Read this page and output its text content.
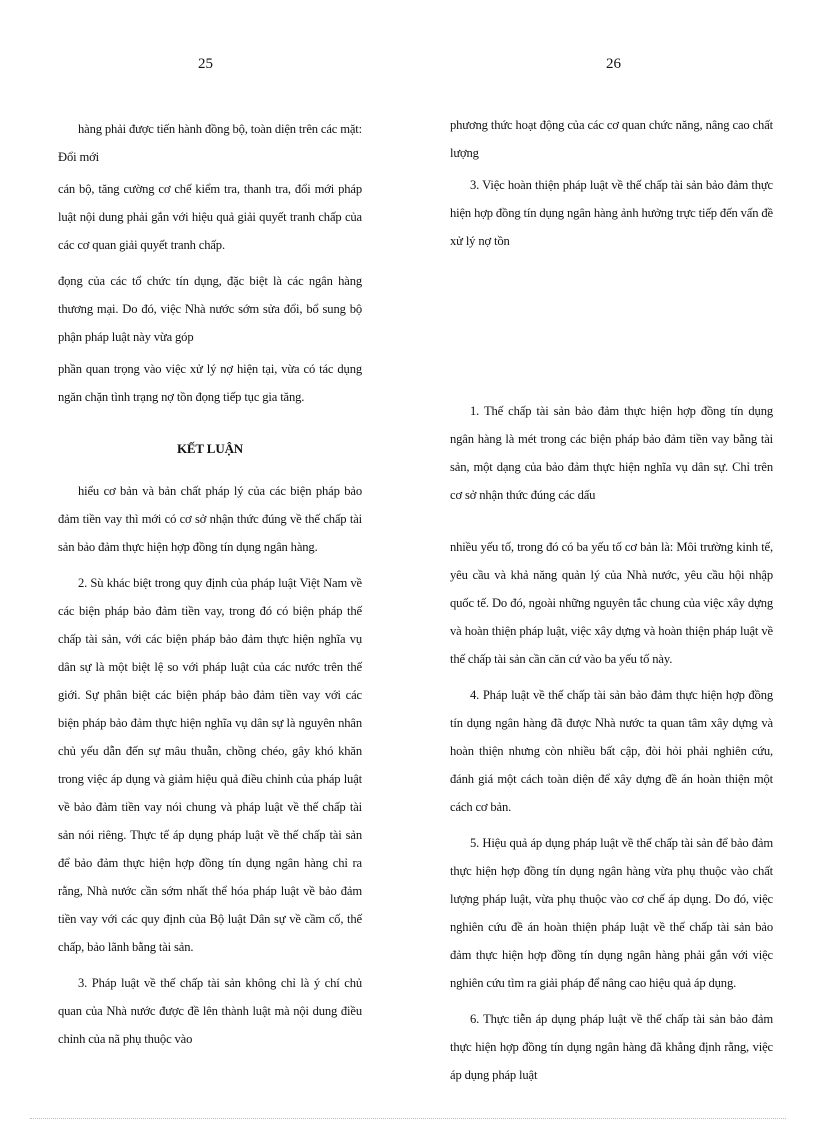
25	26

hàng phải được tiến hành đồng bộ, toàn diện trên các mặt: Đổi mới

cán bộ, tăng cường cơ chế kiểm tra, thanh tra, đổi mới pháp luật nội dung phải gắn với hiệu quả giải quyết tranh chấp của các cơ quan giải quyết tranh chấp.

đọng của các tổ chức tín dụng, đặc biệt là các ngân hàng thương mại. Do đó, việc Nhà nước sớm sửa đổi, bổ sung bộ phận pháp luật này vừa góp

phần quan trọng vào việc xử lý nợ hiện tại, vừa có tác dụng ngăn chặn tình trạng nợ tồn đọng tiếp tục gia tăng.

KẾT LUẬN

hiểu cơ bản và bản chất pháp lý của các biện pháp bảo đảm tiền vay thì mới có cơ sở nhận thức đúng về thế chấp tài sản bảo đảm thực hiện hợp đồng tín dụng ngân hàng.

2. Sù khác biệt trong quy định của pháp luật Việt Nam về các biện pháp bảo đảm tiền vay, trong đó có biện pháp thế chấp tài sản, với các biện pháp bảo đảm thực hiện nghĩa vụ dân sự là một biệt lệ so với pháp luật của các nước trên thế giới. Sự phân biệt các biện pháp bảo đảm tiền vay với các biện pháp bảo đảm thực hiện nghĩa vụ dân sự là nguyên nhân chủ yếu dẫn đến sự mâu thuẫn, chồng chéo, gây khó khăn trong việc áp dụng và giảm hiệu quả điều chỉnh của pháp luật về bảo đảm tiền vay nói chung và pháp luật về thế chấp tài sản nói riêng. Thực tế áp dụng pháp luật về thế chấp tài sản để bảo đảm thực hiện hợp đồng tín dụng ngân hàng chỉ ra rằng, Nhà nước cần sớm nhất thể hóa pháp luật về bảo đảm tiền vay với các quy định của Bộ luật Dân sự về cầm cố, thế chấp, bảo lãnh bằng tài sản.

3. Pháp luật về thế chấp tài sản không chỉ là ý chí chủ quan của Nhà nước được đề lên thành luật mà nội dung điều chỉnh của nã phụ thuộc vào

phương thức hoạt động của các cơ quan chức năng, nâng cao chất lượng

3. Việc hoàn thiện pháp luật về thế chấp tài sản bảo đảm thực hiện hợp đồng tín dụng ngân hàng ảnh hưởng trực tiếp đến vấn đề xử lý nợ tồn

1. Thế chấp tài sản bảo đảm thực hiện hợp đồng tín dụng ngân hàng là mét trong các biện pháp bảo đảm tiền vay bằng tài sản, một dạng của bảo đảm thực hiện nghĩa vụ dân sự. Chỉ trên cơ sở nhận thức đúng các dấu

nhiều yếu tố, trong đó có ba yếu tố cơ bản là: Môi trường kinh tế, yêu cầu và khả năng quản lý của Nhà nước, yêu cầu hội nhập quốc tế. Do đó, ngoài những nguyên tắc chung của việc xây dựng và hoàn thiện pháp luật, việc xây dựng và hoàn thiện pháp luật về thế chấp tài sản cần căn cứ vào ba yếu tố này.

4. Pháp luật về thế chấp tài sản bảo đảm thực hiện hợp đồng tín dụng ngân hàng đã được Nhà nước ta quan tâm xây dựng và hoàn thiện nhưng còn nhiều bất cập, đòi hỏi phải nghiên cứu, đánh giá một cách toàn diện để xây dựng đề án hoàn thiện một cách cơ bản.

5. Hiệu quả áp dụng pháp luật về thế chấp tài sản để bảo đảm thực hiện hợp đồng tín dụng ngân hàng vừa phụ thuộc vào chất lượng pháp luật, vừa phụ thuộc vào cơ chế áp dụng. Do đó, việc nghiên cứu đề án hoàn thiện pháp luật về thế chấp tài sản bảo đảm thực hiện hợp đồng tín dụng ngân hàng phải gắn với việc nghiên cứu tìm ra giải pháp để nâng cao hiệu quả áp dụng.

6. Thực tiễn áp dụng pháp luật về thế chấp tài sản bảo đảm thực hiện hợp đồng tín dụng ngân hàng đã khẳng định rằng, việc áp dụng pháp luật
